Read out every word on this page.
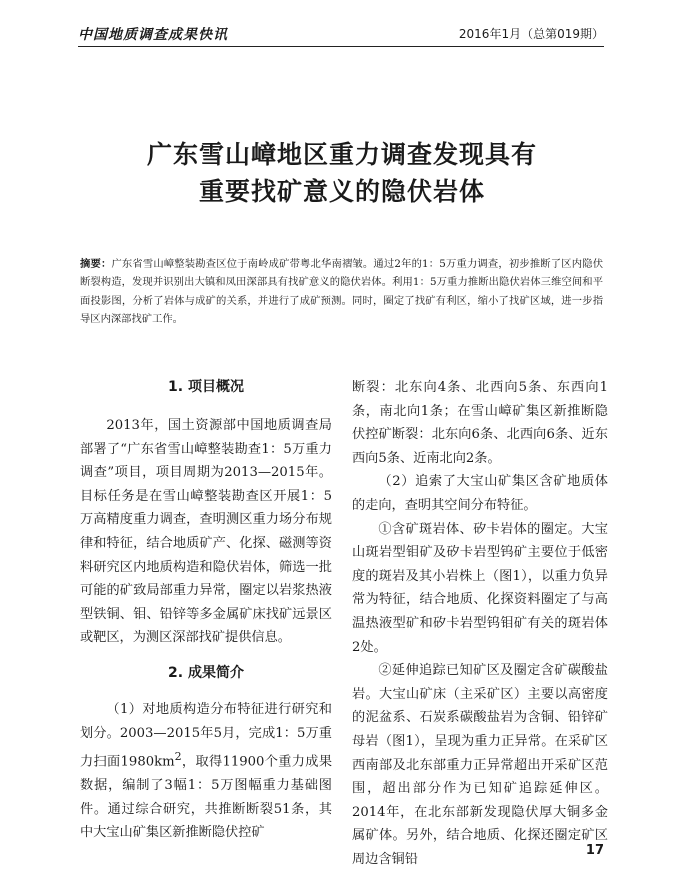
中国地质调查成果快讯	2016年1月（总第019期）
广东雪山嶂地区重力调查发现具有
重要找矿意义的隐伏岩体
摘要：广东省雪山嶂整装勘查区位于南岭成矿带粤北华南褶皱。通过2年的1：5万重力调查，初步推断了区内隐伏断裂构造，发现并识别出大镇和凤田深部具有找矿意义的隐伏岩体。利用1：5万重力推断出隐伏岩体三维空间和平面投影图，分析了岩体与成矿的关系，并进行了成矿预测。同时，圈定了找矿有利区，缩小了找矿区域，进一步指导区内深部找矿工作。
1. 项目概况

2013年，国土资源部中国地质调查局部署了“广东省雪山嶂整装勘查1：5万重力调查”项目，项目周期为2013—2015年。目标任务是在雪山嶂整装勘查区开展1：5万高精度重力调查，查明测区重力场分布规律和特征，结合地质矿产、化探、磁测等资料研究区内地质构造和隐伏岩体，筛选一批可能的矿致局部重力异常，圈定以岩浆热液型铁铜、钼、铅锌等多金属矿床找矿远景区或靶区，为测区深部找矿提供信息。

2. 成果简介

（1）对地质构造分布特征进行研究和划分。2003—2015年5月，完成1：5万重力扫面$1980km^2$，取得11900个重力成果数据，编制了3幅1：5万图幅重力基础图件。通过综合研究，共推断断裂51条，其中大宝山矿集区新推断隐伏控矿

断裂：北东向4条、北西向5条、东西向1条，南北向1条；在雪山嶂矿集区新推断隐伏控矿断裂：北东向6条、北西向6条、近东西向5条、近南北向2条。

（2）追索了大宝山矿集区含矿地质体的走向，查明其空间分布特征。

①含矿斑岩体、矽卡岩体的圈定。大宝山斑岩型钼矿及矽卡岩型钨矿主要位于低密度的斑岩及其小岩株上（图1），以重力负异常为特征，结合地质、化探资料圈定了与高温热液型矿和矽卡岩型钨钼矿有关的斑岩体2处。

②延伸追踪已知矿区及圈定含矿碳酸盐岩。大宝山矿床（主采矿区）主要以高密度的泥盆系、石炭系碳酸盐岩为含铜、铅锌矿母岩（图1），呈现为重力正异常。在采矿区西南部及北东部重力正异常超出开采矿区范围，超出部分作为已知矿追踪延伸区。2014年，在北东部新发现隐伏厚大铜多金属矿体。另外，结合地质、化探还圈定矿区周边含铜铅

17
